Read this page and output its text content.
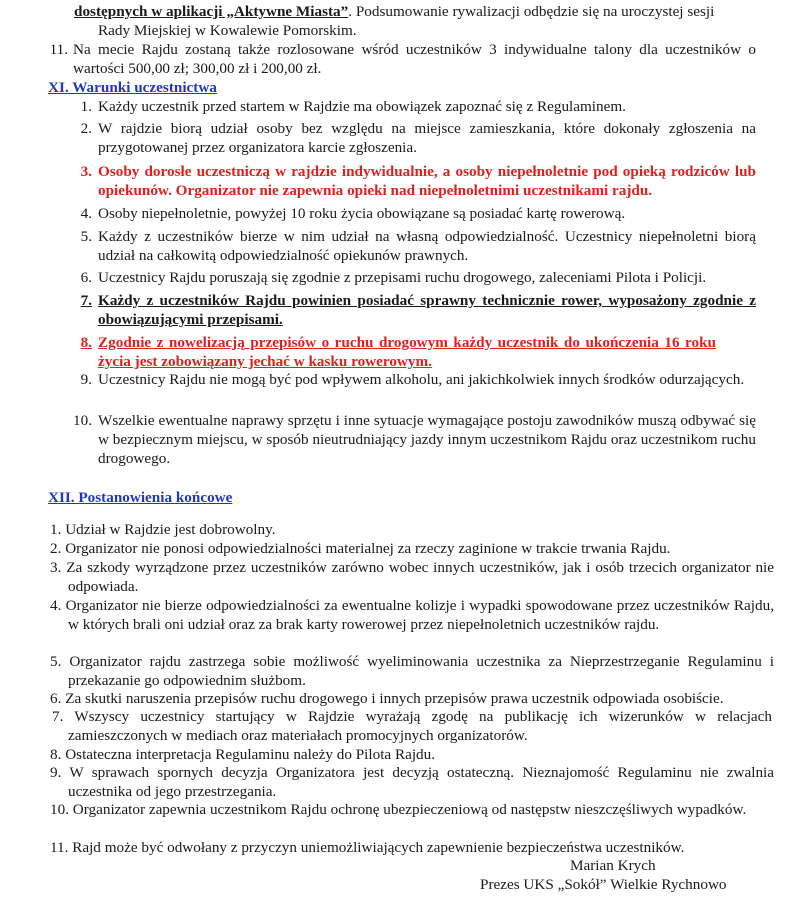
dostępnych w aplikacji „Aktywne Miasta”. Podsumowanie rywalizacji odbędzie się na uroczystej sesji
Rady Miejskiej w Kowalewie Pomorskim.
11. Na mecie Rajdu zostaną także rozlosowane wśród uczestników 3 indywidualne talony dla uczestników o wartości 500,00 zł; 300,00 zł i 200,00 zł.
XI. Warunki uczestnictwa
1. Każdy uczestnik przed startem w Rajdzie ma obowiązek zapoznać się z Regulaminem.
2. W rajdzie biorą udział osoby bez względu na miejsce zamieszkania, które dokonały zgłoszenia na przygotowanej przez organizatora karcie zgłoszenia.
3. Osoby dorosłe uczestniczą w rajdzie indywidualnie, a osoby niepełnoletnie pod opieką rodziców lub opiekunów. Organizator nie zapewnia opieki nad niepełnoletnimi uczestnikami rajdu.
4. Osoby niepełnoletnie, powyżej 10 roku życia obowiązane są posiadać kartę rowerową.
5. Każdy z uczestników bierze w nim udział na własną odpowiedzialność. Uczestnicy niepełnoletni biorą udział na całkowitą odpowiedzialność opiekunów prawnych.
6. Uczestnicy Rajdu poruszają się zgodnie z przepisami ruchu drogowego, zaleceniami Pilota i Policji.
7. Każdy z uczestników Rajdu powinien posiadać sprawny technicznie rower, wyposażony zgodnie z obowiązującymi przepisami.
8. Zgodnie z nowelizacją przepisów o ruchu drogowym każdy uczestnik do ukończenia 16 roku życia jest zobowiązany jechać w kasku rowerowym.
9. Uczestnicy Rajdu nie mogą być pod wpływem alkoholu, ani jakichkolwiek innych środków odurzających.
10. Wszelkie ewentualne naprawy sprzętu i inne sytuacje wymagające postoju zawodników muszą odbywać się w bezpiecznym miejscu, w sposób nieutrudniający jazdy innym uczestnikom Rajdu oraz uczestnikom ruchu drogowego.
XII. Postanowienia końcowe
1. Udział w Rajdzie jest dobrowolny.
2. Organizator nie ponosi odpowiedzialności materialnej za rzeczy zaginione w trakcie trwania Rajdu.
3. Za szkody wyrządzone przez uczestników zarówno wobec innych uczestników, jak i osób trzecich organizator nie odpowiada.
4. Organizator nie bierze odpowiedzialności za ewentualne kolizje i wypadki spowodowane przez uczestników Rajdu, w których brali oni udział oraz za brak karty rowerowej przez niepełnoletnich uczestników rajdu.
5. Organizator rajdu zastrzega sobie możliwość wyeliminowania uczestnika za Nieprzestrzeganie Regulaminu i przekazanie go odpowiednim służbom.
6. Za skutki naruszenia przepisów ruchu drogowego i innych przepisów prawa uczestnik odpowiada osobiście.
7. Wszyscy uczestnicy startujący w Rajdzie wyrażają zgodę na publikację ich wizerunków w relacjach zamieszczonych w mediach oraz materiałach promocyjnych organizatorów.
8. Ostateczna interpretacja Regulaminu należy do Pilota Rajdu.
9. W sprawach spornych decyzja Organizatora jest decyzją ostateczną. Nieznajomość Regulaminu nie zwalnia uczestnika od jego przestrzegania.
10. Organizator zapewnia uczestnikom Rajdu ochronę ubezpieczeniową od następstw nieszczęśliwych wypadków.
11. Rajd może być odwołany z przyczyn uniemożliwiających zapewnienie bezpieczeństwa uczestników.
Marian Krych
Prezes UKS „Sokół” Wielkie Rychnowo
